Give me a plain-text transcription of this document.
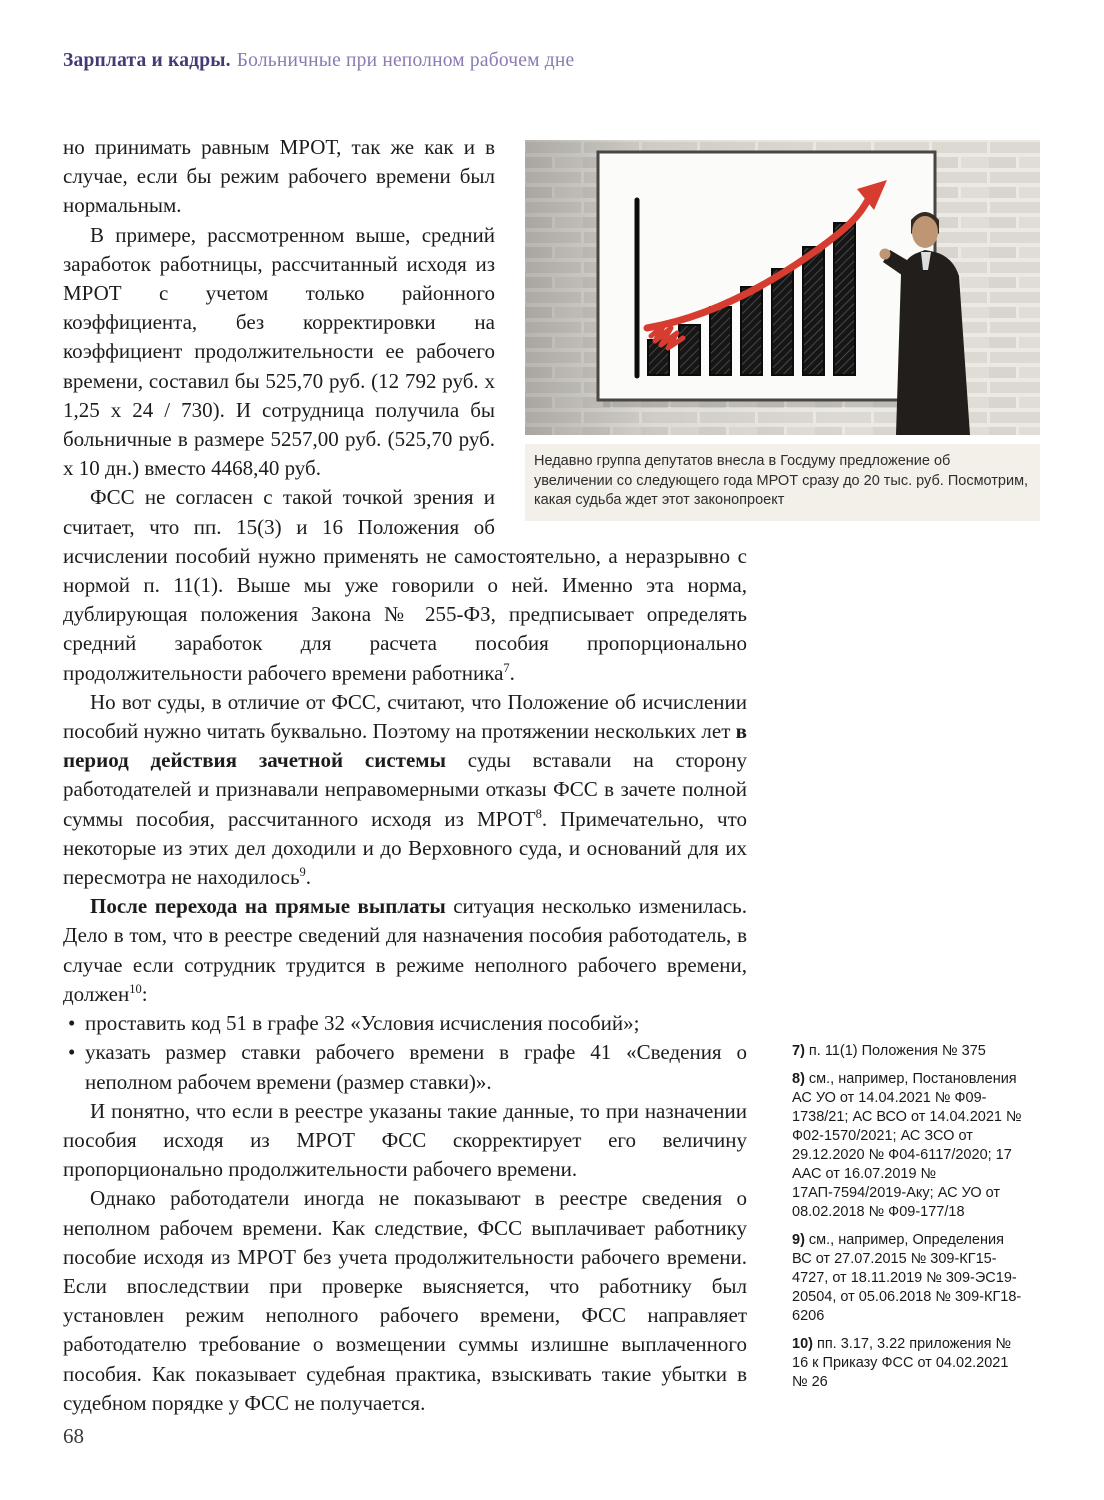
Зарплата и кадры. Больничные при неполном рабочем дне

но принимать равным МРОТ, так же как и в случае, если бы режим рабочего времени был нормальным.

В примере, рассмотренном выше, средний заработок работницы, рассчитанный исходя из МРОТ с учетом только районного коэффициента, без корректировки на коэффициент продолжительности ее рабочего времени, составил бы 525,70 руб. (12 792 руб. х 1,25 х 24 / 730). И сотрудница получила бы больничные в размере 5257,00 руб. (525,70 руб. х 10 дн.) вместо 4468,40 руб.

ФСС не согласен с такой точкой зрения и считает, что пп. 15(3) и 16 Положения об исчислении пособий нужно применять не самостоятельно, а неразрывно с нормой п. 11(1). Выше мы уже говорили о ней. Именно эта норма, дублирующая положения Закона № 255-ФЗ, предписывает определять средний заработок для расчета пособия пропорционально продолжительности рабочего времени работника$^7$.

Но вот суды, в отличие от ФСС, считают, что Положение об исчислении пособий нужно читать буквально. Поэтому на протяжении нескольких лет в период действия зачетной системы суды вставали на сторону работодателей и признавали неправомерными отказы ФСС в зачете полной суммы пособия, рассчитанного исходя из МРОТ$^8$. Примечательно, что некоторые из этих дел доходили и до Верховного суда, и оснований для их пересмотра не находилось$^9$.

После перехода на прямые выплаты ситуация несколько изменилась. Дело в том, что в реестре сведений для назначения пособия работодатель, в случае если сотрудник трудится в режиме неполного рабочего времени, должен$^{10}$:

• проставить код 51 в графе 32 «Условия исчисления пособий»;
• указать размер ставки рабочего времени в графе 41 «Сведения о неполном рабочем времени (размер ставки)».

И понятно, что если в реестре указаны такие данные, то при назначении пособия исходя из МРОТ ФСС скорректирует его величину пропорционально продолжительности рабочего времени.

Однако работодатели иногда не показывают в реестре сведения о неполном рабочем времени. Как следствие, ФСС выплачивает работнику пособие исходя из МРОТ без учета продолжительности рабочего времени. Если впоследствии при проверке выясняется, что работнику был установлен режим неполного рабочего времени, ФСС направляет работодателю требование о возмещении суммы излишне выплаченного пособия. Как показывает судебная практика, взыскивать такие убытки в судебном порядке у ФСС не получается.

Недавно группа депутатов внесла в Госдуму предложение об увеличении со следующего года МРОТ сразу до 20 тыс. руб. Посмотрим, какая судьба ждет этот законопроект
7) п. 11(1) Положения № 375
8) см., например, Постановления АС УО от 14.04.2021 № Ф09-1738/21; АС ВСО от 14.04.2021 № Ф02-1570/2021; АС ЗСО от 29.12.2020 № Ф04-6117/2020; 17 ААС от 16.07.2019 № 17АП-7594/2019-Аку; АС УО от 08.02.2018 № Ф09-177/18
9) см., например, Определения ВС от 27.07.2015 № 309-КГ15-4727, от 18.11.2019 № 309-ЭС19-20504, от 05.06.2018 № 309-КГ18-6206
10) пп. 3.17, 3.22 приложения № 16 к Приказу ФСС от 04.02.2021 № 26
68
